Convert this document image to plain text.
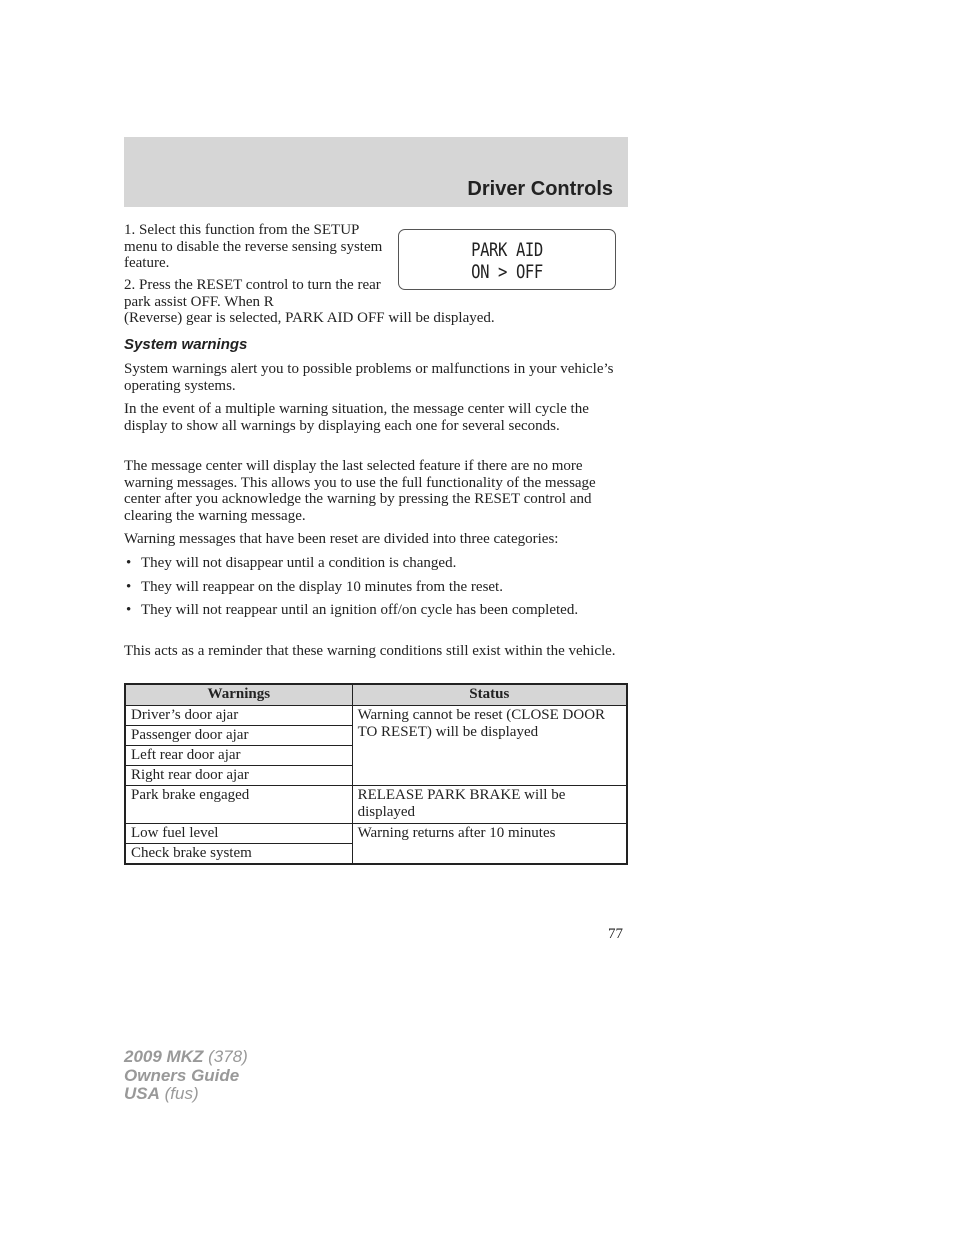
Driver Controls

1. Select this function from the SETUP menu to disable the reverse sensing system feature.

2. Press the RESET control to turn the rear park assist OFF. When R

(Reverse) gear is selected, PARK AID OFF will be displayed.

PARK AID
ON > OFF
System warnings

System warnings alert you to possible problems or malfunctions in your vehicle’s operating systems.

In the event of a multiple warning situation, the message center will cycle the display to show all warnings by displaying each one for several seconds.

The message center will display the last selected feature if there are no more warning messages. This allows you to use the full functionality of the message center after you acknowledge the warning by pressing the RESET control and clearing the warning message.

Warning messages that have been reset are divided into three categories:

• They will not disappear until a condition is changed.
• They will reappear on the display 10 minutes from the reset.
• They will not reappear until an ignition off/on cycle has been completed.

This acts as a reminder that these warning conditions still exist within the vehicle.

Warnings	Status
Driver’s door ajar	Warning cannot be reset (CLOSE DOOR TO RESET) will be displayed
Passenger door ajar	
Left rear door ajar	
Right rear door ajar	
Park brake engaged	RELEASE PARK BRAKE will be displayed
Low fuel level	Warning returns after 10 minutes
Check brake system	
77
2009 MKZ (378)
Owners Guide
USA (fus)
